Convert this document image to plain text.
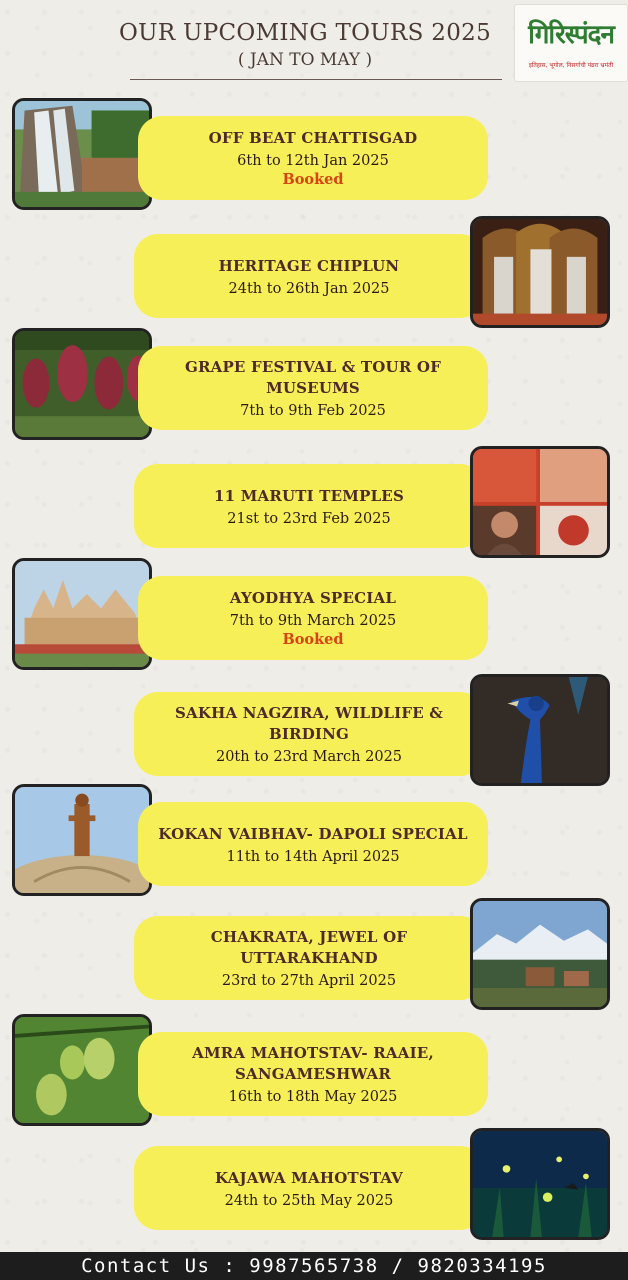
OUR UPCOMING TOURS 2025
( JAN TO MAY )
गिरिस्पंदन
इतिहास, भूगोल, निसर्गाची पंढरा भ्रमंती
OFF BEAT CHATTISGAD
6th to 12th Jan 2025
Booked
HERITAGE CHIPLUN
24th to 26th Jan 2025
GRAPE FESTIVAL & TOUR OF MUSEUMS
7th to 9th Feb 2025
11 MARUTI TEMPLES
21st to 23rd Feb 2025
AYODHYA SPECIAL
7th to 9th March 2025
Booked
SAKHA NAGZIRA, WILDLIFE & BIRDING
20th to 23rd March 2025
KOKAN VAIBHAV- DAPOLI SPECIAL
11th to 14th April 2025
CHAKRATA, JEWEL OF UTTARAKHAND
23rd to 27th April 2025
AMRA MAHOTSTAV- RAAIE, SANGAMESHWAR
16th to 18th May 2025
KAJAWA MAHOTSTAV
24th to 25th May 2025
Contact Us : 9987565738 / 9820334195
